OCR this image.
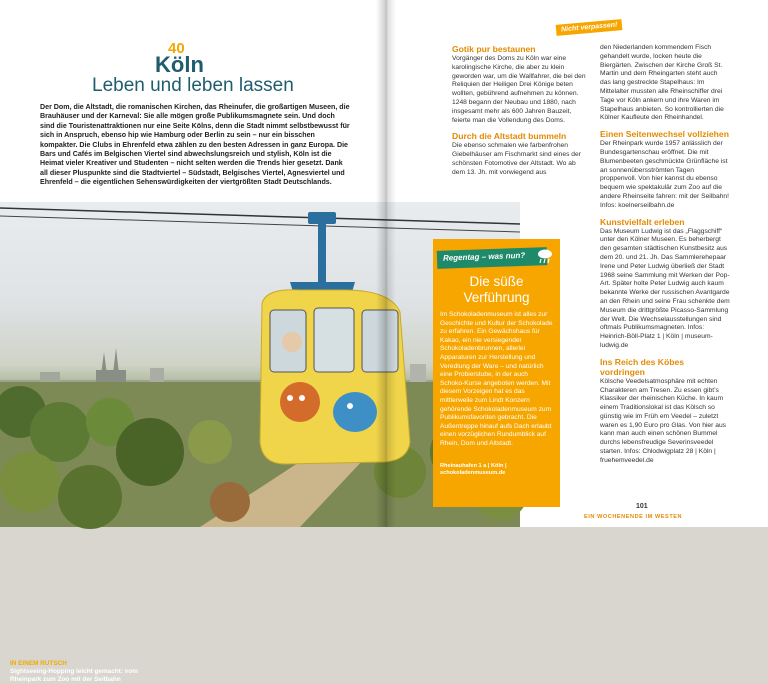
40
Köln
Leben und leben lassen
Der Dom, die Altstadt, die romanischen Kirchen, das Rheinufer, die großartigen Museen, die Brauhäuser und der Karneval: Sie alle mögen große Publikumsmagnete sein. Und doch sind die Touristenattraktionen nur eine Seite Kölns, denn die Stadt nimmt selbstbewusst für sich in Anspruch, ebenso hip wie Hamburg oder Berlin zu sein – nur ein bisschen kompakter. Die Clubs in Ehrenfeld etwa zählen zu den besten Adressen in ganz Europa. Die Bars und Cafés im Belgischen Viertel sind abwechslungsreich und stylish, Köln ist die Heimat vieler Kreativer und Studenten – nicht selten werden die Trends hier gesetzt. Dank all dieser Pluspunkte sind die Stadtviertel – Südstadt, Belgisches Viertel, Agnesviertel und Ehrenfeld – die eigentlichen Sehenswürdigkeiten der viertgrößten Stadt Deutschlands.
IN EINEM RUTSCH
Sightseeing-Hopping leicht gemacht: vom Rheinpark zum Zoo mit der Seilbahn
Nicht verpassen!
Gotik pur bestaunen

Vorgänger des Doms zu Köln war eine karolingische Kirche, die aber zu klein geworden war, um die Wallfahrer, die bei den Reliquien der Heiligen Drei Könige beten wollten, gebührend aufnehmen zu können. 1248 begann der Neubau und 1880, nach insgesamt mehr als 600 Jahren Bauzeit, feierte man die Vollendung des Doms.

Durch die Altstadt bummeln

Die ebenso schmalen wie farbenfrohen Giebelhäuser am Fischmarkt sind eines der schönsten Fotomotive der Altstadt. Wo ab dem 13. Jh. mit vorwiegend aus

den Niederlanden kommendem Fisch gehandelt wurde, locken heute die Biergärten. Zwischen der Kirche Groß St. Martin und dem Rheingarten steht auch das lang gestreckte Stapelhaus: Im Mittelalter mussten alle Rheinschiffer drei Tage vor Köln ankern und ihre Waren im Stapelhaus anbieten. So kontrollierten die Kölner Kaufleute den Rheinhandel.

Einen Seitenwechsel vollziehen

Der Rheinpark wurde 1957 anlässlich der Bundesgartenschau eröffnet. Die mit Blumenbeeten geschmückte Grünfläche ist an sonnenübersströmten Tagen proppenvoll. Von hier kannst du ebenso bequem wie spektakulär zum Zoo auf die andere Rheinseite fahren: mit der Seilbahn! Infos: koelnerseilbahn.de

Kunstvielfalt erleben

Das Museum Ludwig ist das „Flaggschiff“ unter den Kölner Museen. Es beherbergt den gesamten städtischen Kunstbesitz aus dem 20. und 21. Jh. Das Sammlerehepaar Irene und Peter Ludwig überließ der Stadt 1968 seine Sammlung mit Werken der Pop-Art. Später holte Peter Ludwig auch kaum bekannte Werke der russischen Avantgarde an den Rhein und seine Frau schenkte dem Museum die drittgrößte Picasso-Sammlung der Welt. Die Wechselausstellungen sind oftmals Publikumsmagneten. Infos: Heinrich-Böll-Platz 1 | Köln | museum-ludwig.de

Ins Reich des Köbes vordringen

Kölsche Veedelsatmosphäre mit echten Charakteren am Tresen. Zu essen gibt’s Klassiker der rheinischen Küche. In kaum einem Traditionslokal ist das Kölsch so günstig wie im Früh em Veedel – zuletzt waren es 1,90 Euro pro Glas. Von hier aus kann man auch einen schönen Bummel durchs lebensfreudige Severinsveedel starten. Infos: Chlodwigplatz 28 | Köln | fruehemveedel.de

Regentag – was nun?
Die süße Verführung
Im Schokoladenmuseum ist alles zur Geschichte und Kultur der Schokolade zu erfahren. Ein Gewächshaus für Kakao, ein nie versiegender Schokoladenbrunnen, allerlei Apparaturen zur Herstellung und Veredlung der Ware – und natürlich eine Probierstube, in der auch Schoko-Kurse angeboten werden. Mit diesem Vorzeigen hat es das mittlerweile zum Lindt Konzern gehörende Schokoladenmuseum zum Publikumsfavoriten gebracht. Die Außentreppe hinauf aufs Dach erlaubt einen vorzüglichen Rundumblick auf Rhein, Dom und Altstadt.
Rheinauhafen 1 a | Köln | schokoladenmuseum.de
101
EIN WOCHENENDE IM WESTEN
